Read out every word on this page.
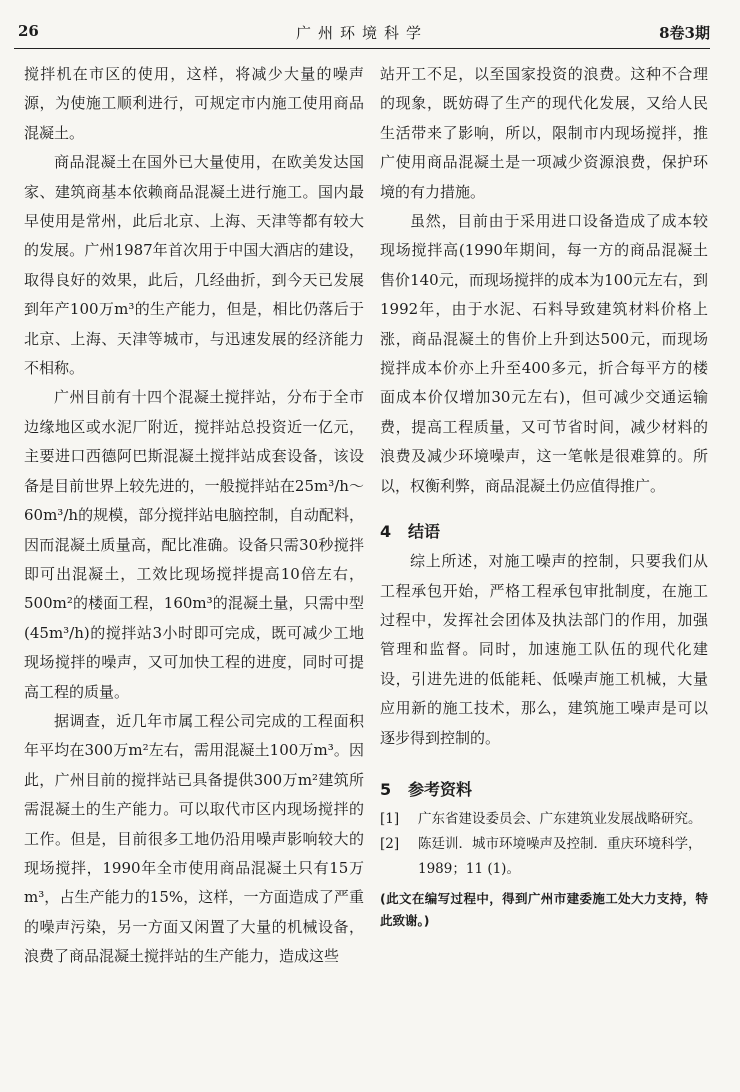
26	广州环境科学	8卷3期

搅拌机在市区的使用，这样，将减少大量的噪声源，为使施工顺利进行，可规定市内施工使用商品混凝土。

商品混凝土在国外已大量使用，在欧美发达国家、建筑商基本依赖商品混凝土进行施工。国内最早使用是常州，此后北京、上海、天津等都有较大的发展。广州1987年首次用于中国大酒店的建设，取得良好的效果，此后，几经曲折，到今天已发展到年产100万m³的生产能力，但是，相比仍落后于北京、上海、天津等城市，与迅速发展的经济能力不相称。

广州目前有十四个混凝土搅拌站，分布于全市边缘地区或水泥厂附近，搅拌站总投资近一亿元，主要进口西德阿巴斯混凝土搅拌站成套设备，该设备是目前世界上较先进的，一般搅拌站在25m³/h～60m³/h的规模，部分搅拌站电脑控制，自动配料，因而混凝土质量高，配比准确。设备只需30秒搅拌即可出混凝土，工效比现场搅拌提高10倍左右，500m²的楼面工程，160m³的混凝土量，只需中型(45m³/h)的搅拌站3小时即可完成，既可减少工地现场搅拌的噪声，又可加快工程的进度，同时可提高工程的质量。

据调查，近几年市属工程公司完成的工程面积年平均在300万m²左右，需用混凝土100万m³。因此，广州目前的搅拌站已具备提供300万m²建筑所需混凝土的生产能力。可以取代市区内现场搅拌的工作。但是，目前很多工地仍沿用噪声影响较大的现场搅拌，1990年全市使用商品混凝土只有15万m³，占生产能力的15%，这样，一方面造成了严重的噪声污染，另一方面又闲置了大量的机械设备，浪费了商品混凝土搅拌站的生产能力，造成这些

站开工不足，以至国家投资的浪费。这种不合理的现象，既妨碍了生产的现代化发展，又给人民生活带来了影响，所以，限制市内现场搅拌，推广使用商品混凝土是一项减少资源浪费，保护环境的有力措施。

虽然，目前由于采用进口设备造成了成本较现场搅拌高(1990年期间，每一方的商品混凝土售价140元，而现场搅拌的成本为100元左右，到1992年，由于水泥、石料导致建筑材料价格上涨，商品混凝土的售价上升到达500元，而现场搅拌成本价亦上升至400多元，折合每平方的楼面成本价仅增加30元左右)，但可减少交通运输费，提高工程质量，又可节省时间，减少材料的浪费及减少环境噪声，这一笔帐是很难算的。所以，权衡利弊，商品混凝土仍应值得推广。

4 结语

综上所述，对施工噪声的控制，只要我们从工程承包开始，严格工程承包审批制度，在施工过程中，发挥社会团体及执法部门的作用，加强管理和监督。同时，加速施工队伍的现代化建设，引进先进的低能耗、低噪声施工机械，大量应用新的施工技术，那么，建筑施工噪声是可以逐步得到控制的。

5 参考资料
[1]	广东省建设委员会、广东建筑业发展战略研究。
[2]	陈廷训．城市环境噪声及控制．重庆环境科学，1989；11 (1)。
(此文在编写过程中，得到广州市建委施工处大力支持，特此致谢。)
